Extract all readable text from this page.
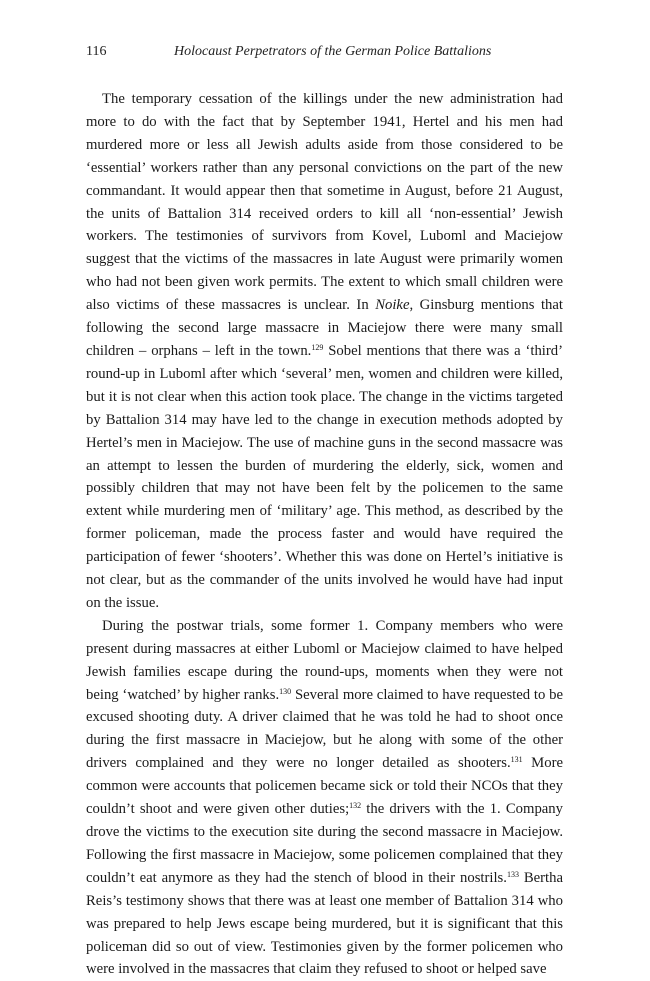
116	Holocaust Perpetrators of the German Police Battalions

The temporary cessation of the killings under the new administration had more to do with the fact that by September 1941, Hertel and his men had murdered more or less all Jewish adults aside from those considered to be ‘essential’ workers rather than any personal convictions on the part of the new commandant. It would appear then that sometime in August, before 21 August, the units of Battalion 314 received orders to kill all ‘non-essential’ Jewish workers. The testimonies of survivors from Kovel, Luboml and Maciejow suggest that the victims of the massacres in late August were primarily women who had not been given work permits. The extent to which small children were also victims of these massacres is unclear. In Noike, Ginsburg mentions that following the second large massacre in Maciejow there were many small children – orphans – left in the town.$^{129}$ Sobel mentions that there was a ‘third’ round-up in Luboml after which ‘several’ men, women and children were killed, but it is not clear when this action took place. The change in the victims targeted by Battalion 314 may have led to the change in execution methods adopted by Hertel’s men in Maciejow. The use of machine guns in the second massacre was an attempt to lessen the burden of murdering the elderly, sick, women and possibly children that may not have been felt by the policemen to the same extent while murdering men of ‘military’ age. This method, as described by the former policeman, made the process faster and would have required the participation of fewer ‘shooters’. Whether this was done on Hertel’s initiative is not clear, but as the commander of the units involved he would have had input on the issue.

During the postwar trials, some former 1. Company members who were present during massacres at either Luboml or Maciejow claimed to have helped Jewish families escape during the round-ups, moments when they were not being ‘watched’ by higher ranks.$^{130}$ Several more claimed to have requested to be excused shooting duty. A driver claimed that he was told he had to shoot once during the first massacre in Maciejow, but he along with some of the other drivers complained and they were no longer detailed as shooters.$^{131}$ More common were accounts that policemen became sick or told their NCOs that they couldn’t shoot and were given other duties;$^{132}$ the drivers with the 1. Company drove the victims to the execution site during the second massacre in Maciejow. Following the first massacre in Maciejow, some policemen complained that they couldn’t eat anymore as they had the stench of blood in their nostrils.$^{133}$ Bertha Reis’s testimony shows that there was at least one member of Battalion 314 who was prepared to help Jews escape being murdered, but it is significant that this policeman did so out of view. Testimonies given by the former policemen who were involved in the massacres that claim they refused to shoot or helped save
